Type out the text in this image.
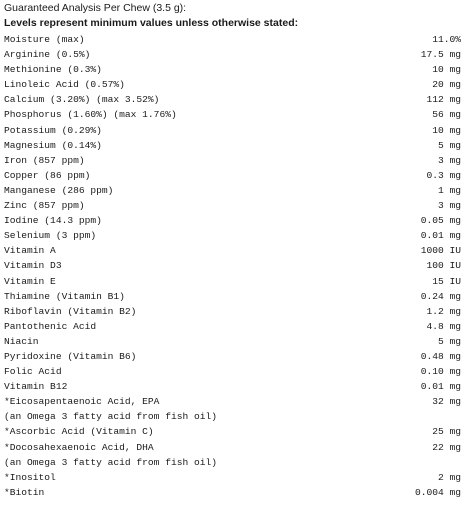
Guaranteed Analysis Per Chew (3.5 g):
Levels represent minimum values unless otherwise stated:
Moisture (max)	11.0%
Arginine (0.5%)	17.5 mg
Methionine (0.3%)	10 mg
Linoleic Acid (0.57%)	20 mg
Calcium (3.20%) (max 3.52%)	112 mg
Phosphorus (1.60%) (max 1.76%)	56 mg
Potassium (0.29%)	10 mg
Magnesium (0.14%)	5 mg
Iron (857 ppm)	3 mg
Copper (86 ppm)	0.3 mg
Manganese (286 ppm)	1 mg
Zinc (857 ppm)	3 mg
Iodine (14.3 ppm)	0.05 mg
Selenium (3 ppm)	0.01 mg
Vitamin A	1000 IU
Vitamin D3	100 IU
Vitamin E	15 IU
Thiamine (Vitamin B1)	0.24 mg
Riboflavin (Vitamin B2)	1.2 mg
Pantothenic Acid	4.8 mg
Niacin	5 mg
Pyridoxine (Vitamin B6)	0.48 mg
Folic Acid	0.10 mg
Vitamin B12	0.01 mg
*Eicosapentaenoic Acid, EPA	32 mg
(an Omega 3 fatty acid from fish oil)
*Ascorbic Acid (Vitamin C)	25 mg
*Docosahexaenoic Acid, DHA	22 mg
(an Omega 3 fatty acid from fish oil)
*Inositol	2 mg
*Biotin	0.004 mg
